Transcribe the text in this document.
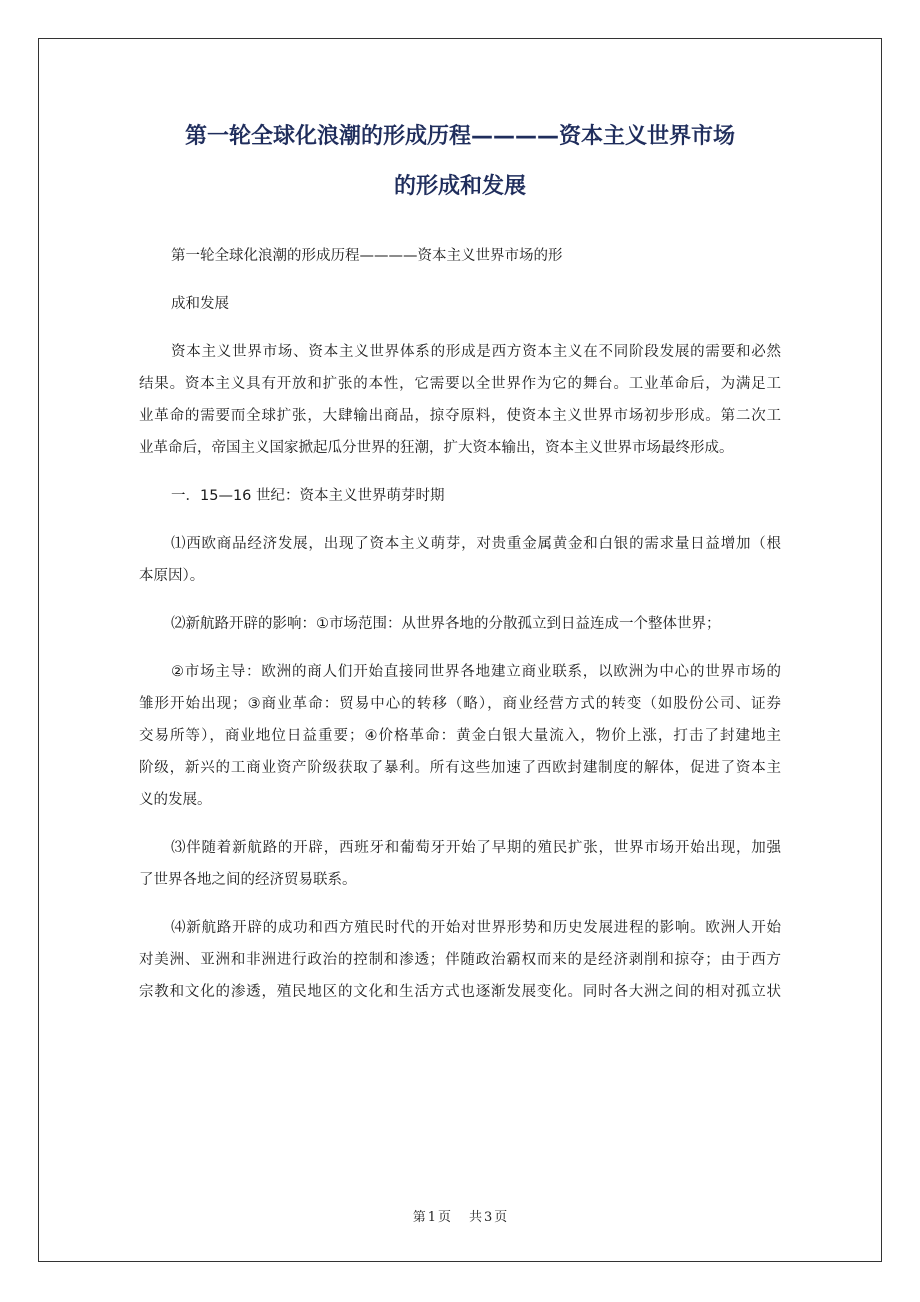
第一轮全球化浪潮的形成历程————资本主义世界市场
的形成和发展

第一轮全球化浪潮的形成历程————资本主义世界市场的形

成和发展

资本主义世界市场、资本主义世界体系的形成是西方资本主义在不同阶段发展的需要和必然
结果。资本主义具有开放和扩张的本性，它需要以全世界作为它的舞台。工业革命后，为满足工
业革命的需要而全球扩张，大肆输出商品，掠夺原料，使资本主义世界市场初步形成。第二次工
业革命后，帝国主义国家掀起瓜分世界的狂潮，扩大资本输出，资本主义世界市场最终形成。

一．15—16 世纪：资本主义世界萌芽时期

⑴西欧商品经济发展，出现了资本主义萌芽，对贵重金属黄金和白银的需求量日益增加（根
本原因）。

⑵新航路开辟的影响：①市场范围：从世界各地的分散孤立到日益连成一个整体世界；

②市场主导：欧洲的商人们开始直接同世界各地建立商业联系，以欧洲为中心的世界市场的
雏形开始出现；③商业革命：贸易中心的转移（略），商业经营方式的转变（如股份公司、证券
交易所等），商业地位日益重要；④价格革命：黄金白银大量流入，物价上涨，打击了封建地主
阶级，新兴的工商业资产阶级获取了暴利。所有这些加速了西欧封建制度的解体，促进了资本主
义的发展。

⑶伴随着新航路的开辟，西班牙和葡萄牙开始了早期的殖民扩张，世界市场开始出现，加强
了世界各地之间的经济贸易联系。

⑷新航路开辟的成功和西方殖民时代的开始对世界形势和历史发展进程的影响。欧洲人开始
对美洲、亚洲和非洲进行政治的控制和渗透；伴随政治霸权而来的是经济剥削和掠夺；由于西方
宗教和文化的渗透，殖民地区的文化和生活方式也逐渐发展变化。同时各大洲之间的相对孤立状

第 1 页 共 3 页
